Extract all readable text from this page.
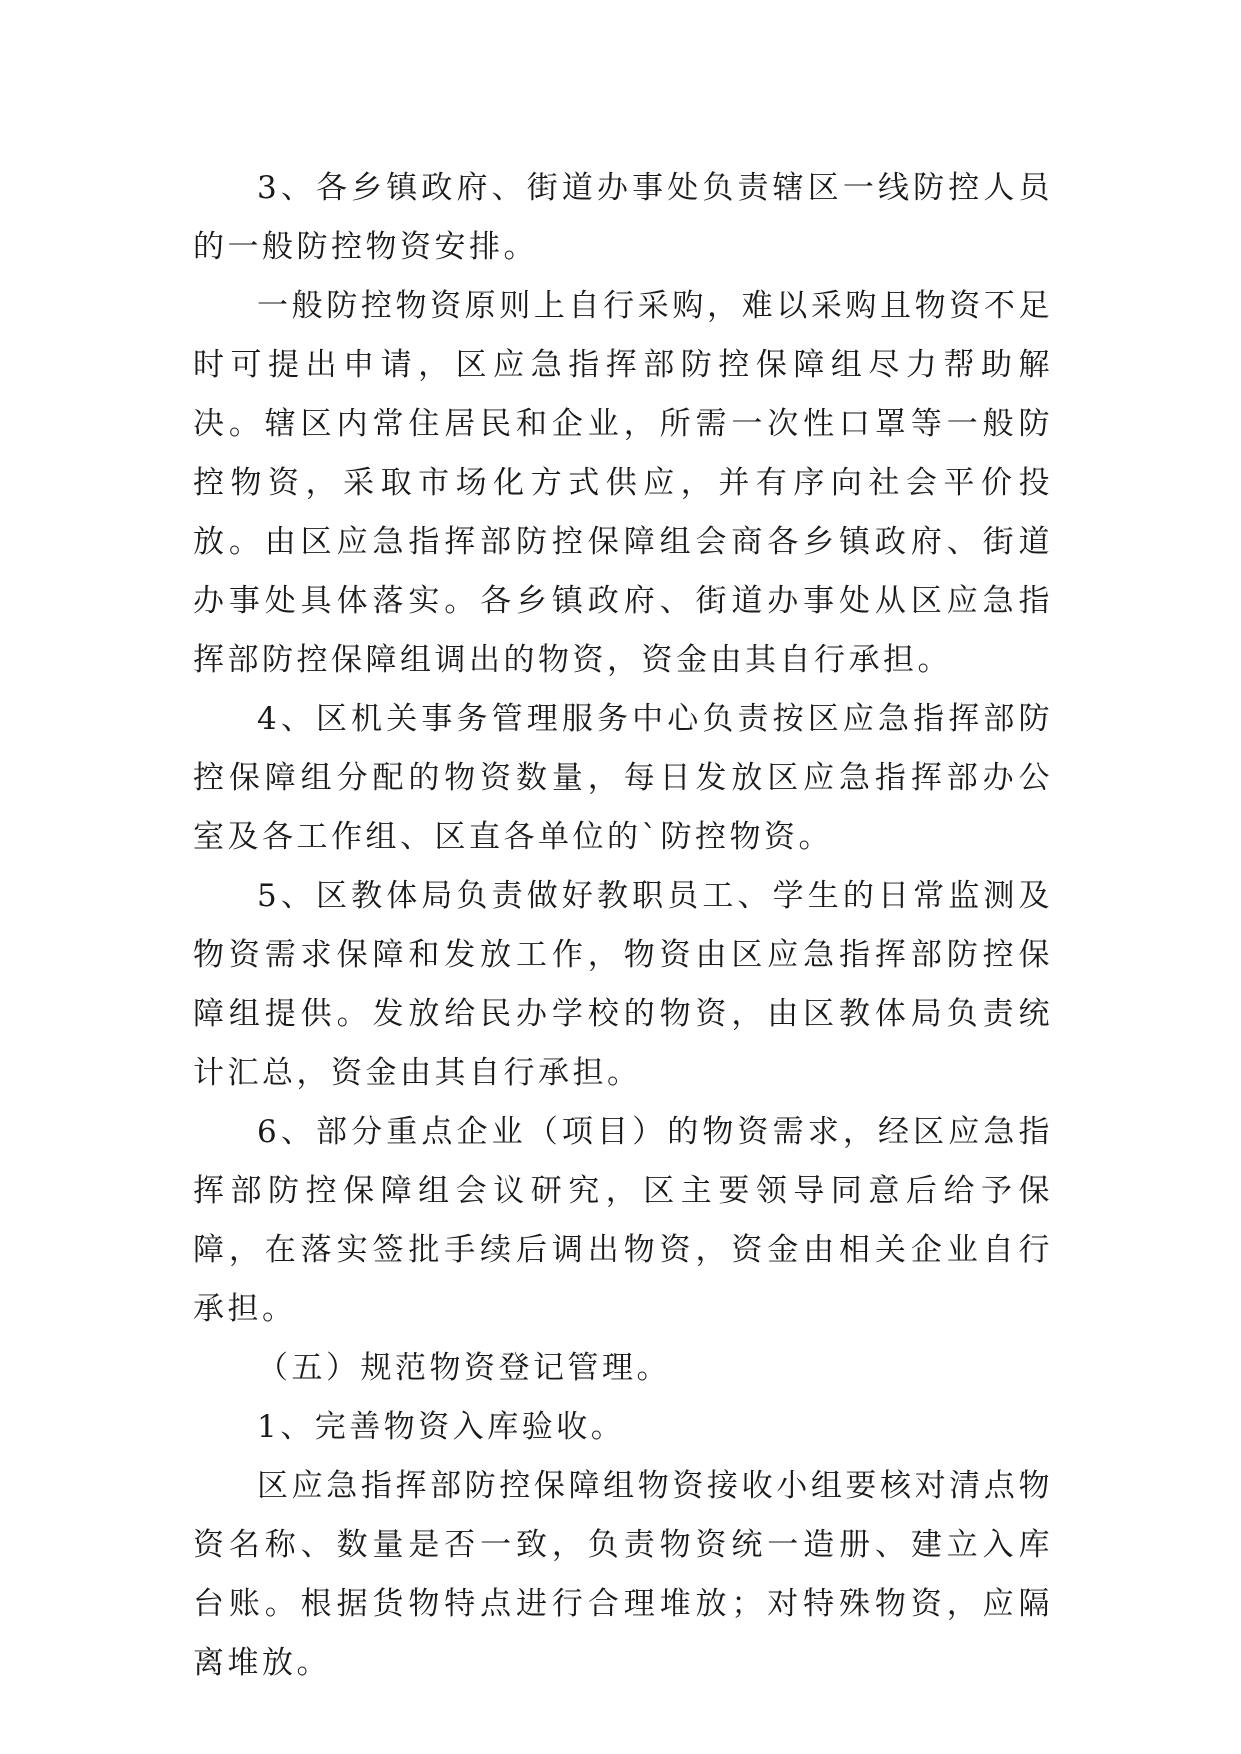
3、各乡镇政府、街道办事处负责辖区一线防控人员的一般防控物资安排。

一般防控物资原则上自行采购，难以采购且物资不足时可提出申请，区应急指挥部防控保障组尽力帮助解决。辖区内常住居民和企业，所需一次性口罩等一般防控物资，采取市场化方式供应，并有序向社会平价投放。由区应急指挥部防控保障组会商各乡镇政府、街道办事处具体落实。各乡镇政府、街道办事处从区应急指挥部防控保障组调出的物资，资金由其自行承担。

4、区机关事务管理服务中心负责按区应急指挥部防控保障组分配的物资数量，每日发放区应急指挥部办公室及各工作组、区直各单位的`防控物资。

5、区教体局负责做好教职员工、学生的日常监测及物资需求保障和发放工作，物资由区应急指挥部防控保障组提供。发放给民办学校的物资，由区教体局负责统计汇总，资金由其自行承担。

6、部分重点企业（项目）的物资需求，经区应急指挥部防控保障组会议研究，区主要领导同意后给予保障，在落实签批手续后调出物资，资金由相关企业自行承担。

（五）规范物资登记管理。

1、完善物资入库验收。

区应急指挥部防控保障组物资接收小组要核对清点物资名称、数量是否一致，负责物资统一造册、建立入库台账。根据货物特点进行合理堆放；对特殊物资，应隔离堆放。
